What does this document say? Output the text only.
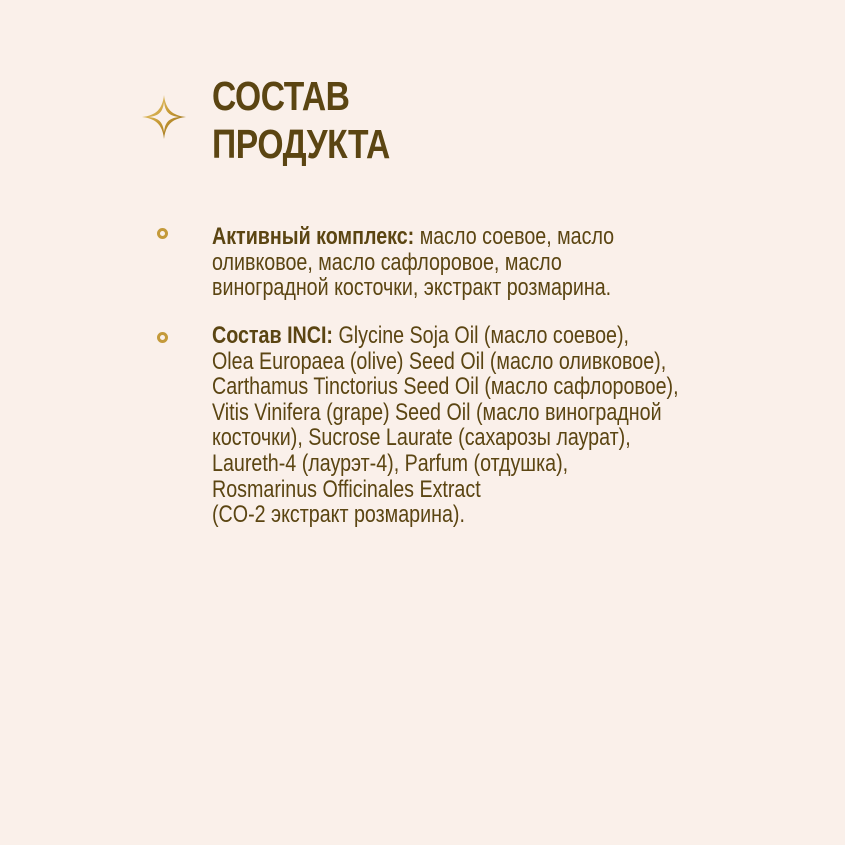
СОСТАВ
ПРОДУКТА

Активный комплекс: масло соевое, масло
оливковое, масло сафлоровое, масло
виноградной косточки, экстракт розмарина.

Состав INCI: Glycine Soja Oil (масло соевое),
Olea Europaea (olive) Seed Oil (масло оливковое),
Carthamus Tinctorius Seed Oil (масло сафлоровое),
Vitis Vinifera (grape) Seed Oil (масло виноградной
косточки), Sucrose Laurate (сахарозы лаурат),
Laureth-4 (лаурэт-4), Parfum (отдушка),
Rosmarinus Officinales Extract
(CO-2 экстракт розмарина).
